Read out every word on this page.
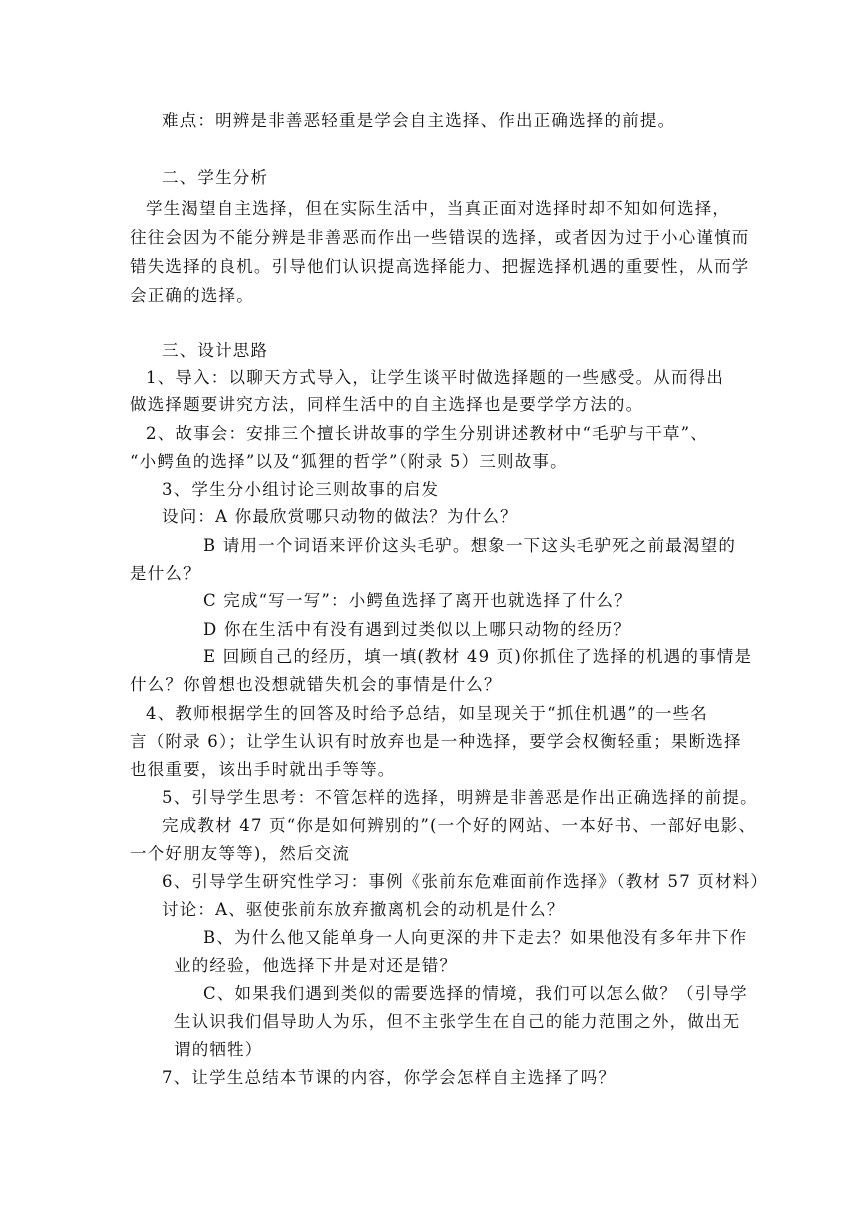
难点：明辨是非善恶轻重是学会自主选择、作出正确选择的前提。

二、学生分析

学生渴望自主选择，但在实际生活中，当真正面对选择时却不知如何选择，

往往会因为不能分辨是非善恶而作出一些错误的选择，或者因为过于小心谨慎而

错失选择的良机。引导他们认识提高选择能力、把握选择机遇的重要性，从而学

会正确的选择。

三、设计思路

1、导入：以聊天方式导入，让学生谈平时做选择题的一些感受。从而得出

做选择题要讲究方法，同样生活中的自主选择也是要学学方法的。

2、故事会：安排三个擅长讲故事的学生分别讲述教材中“毛驴与干草”、

“小鳄鱼的选择”以及“狐狸的哲学”（附录 5）三则故事。

3、学生分小组讨论三则故事的启发

设问：A 你最欣赏哪只动物的做法？为什么？

B 请用一个词语来评价这头毛驴。想象一下这头毛驴死之前最渴望的

是什么？

C 完成“写一写”：小鳄鱼选择了离开也就选择了什么？

D 你在生活中有没有遇到过类似以上哪只动物的经历？

E 回顾自己的经历，填一填(教材 49 页)你抓住了选择的机遇的事情是

什么？你曾想也没想就错失机会的事情是什么？

4、教师根据学生的回答及时给予总结，如呈现关于“抓住机遇”的一些名

言（附录 6）；让学生认识有时放弃也是一种选择，要学会权衡轻重；果断选择

也很重要，该出手时就出手等等。

5、引导学生思考：不管怎样的选择，明辨是非善恶是作出正确选择的前提。

完成教材 47 页“你是如何辨别的”(一个好的网站、一本好书、一部好电影、

一个好朋友等等)，然后交流

6、引导学生研究性学习：事例《张前东危难面前作选择》（教材 57 页材料）

讨论：A、驱使张前东放弃撤离机会的动机是什么？

B、为什么他又能单身一人向更深的井下走去？如果他没有多年井下作

业的经验，他选择下井是对还是错？

C、如果我们遇到类似的需要选择的情境，我们可以怎么做？（引导学

生认识我们倡导助人为乐，但不主张学生在自己的能力范围之外，做出无

谓的牺牲）

7、让学生总结本节课的内容，你学会怎样自主选择了吗？
